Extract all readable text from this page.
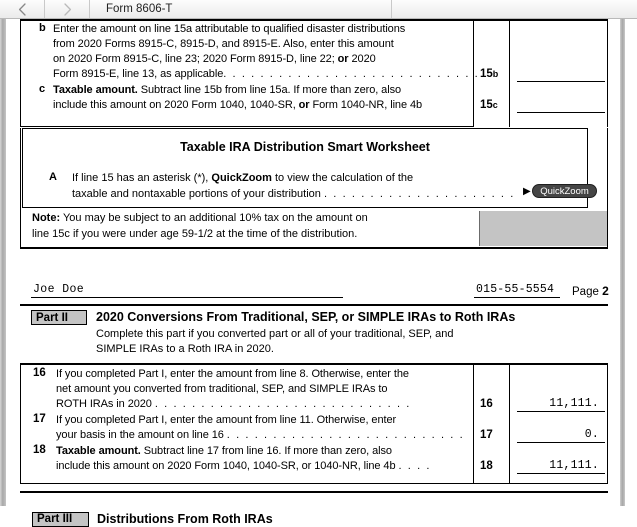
Form 8606-T
b Enter the amount on line 15a attributable to qualified disaster distributions
from 2020 Forms 8915-C, 8915-D, and 8915-E. Also, enter this amount
on 2020 Form 8915-C, line 23; 2020 Form 8915-D, line 22; or 2020
Form 8915-E, line 13, as applicable. . . . . . . . . . . . . . . . . . . . . . . . . . . . 15b
c Taxable amount. Subtract line 15b from line 15a. If more than zero, also
include this amount on 2020 Form 1040, 1040-SR, or Form 1040-NR, line 4b	15c
Taxable IRA Distribution Smart Worksheet
A If line 15 has an asterisk (*), QuickZoom to view the calculation of the
taxable and nontaxable portions of your distribution . . . . . . . . . . . . . . . . . . . . . ▶	QuickZoom
Note: You may be subject to an additional 10% tax on the amount on
line 15c if you were under age 59-1/2 at the time of the distribution.
Joe Doe	015-55-5554 Page 2
Part II	2020 Conversions From Traditional, SEP, or SIMPLE IRAs to Roth IRAs
Complete this part if you converted part or all of your traditional, SEP, and
SIMPLE IRAs to a Roth IRA in 2020.
16 If you completed Part I, enter the amount from line 8. Otherwise, enter the
net amount you converted from traditional, SEP, and SIMPLE IRAs to
ROTH IRAs in 2020 . . . . . . . . . . . . . . . . . . . . . . . . . . . .	16	11,111.
17 If you completed Part I, enter the amount from line 11. Otherwise, enter
your basis in the amount on line 16 . . . . . . . . . . . . . . . . . . . . . . . . . . 17	0.
18 Taxable amount. Subtract line 17 from line 16. If more than zero, also
include this amount on 2020 Form 1040, 1040-SR, or 1040-NR, line 4b . . . .	18	11,111.
Part III	Distributions From Roth IRAs
